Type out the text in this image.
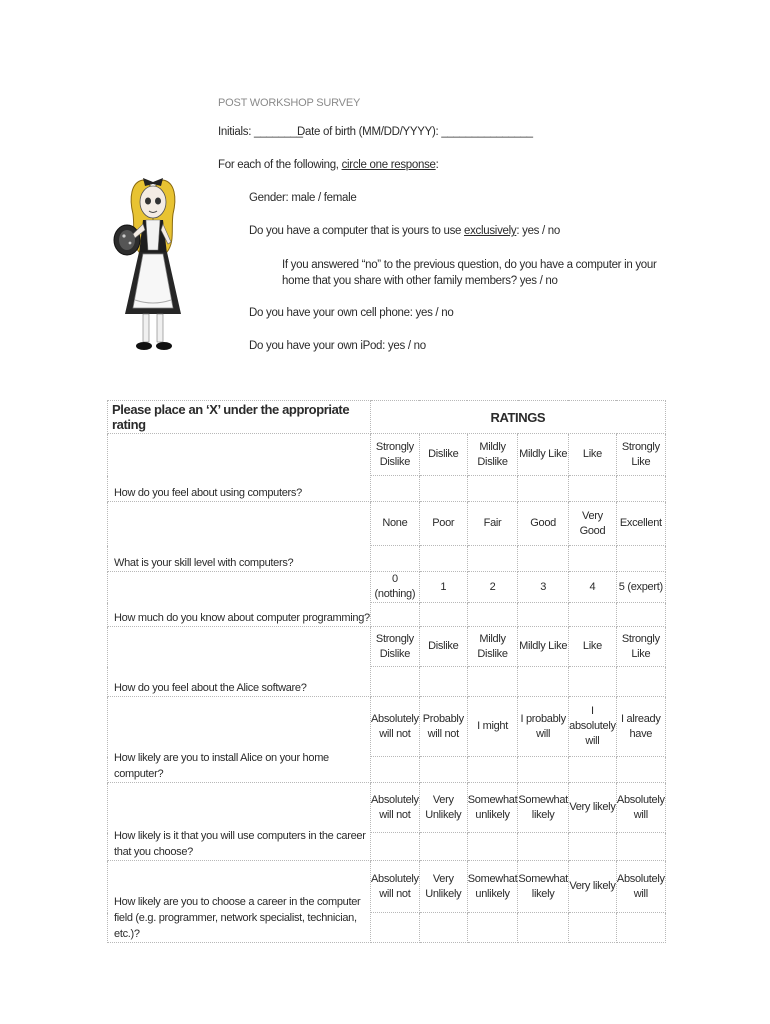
POST WORKSHOP SURVEY
Initials: ________
Date of birth (MM/DD/YYYY): _______________
For each of the following, circle one response:
Gender: male / female
Do you have a computer that is yours to use exclusively: yes / no
If you answered “no” to the previous question, do you have a computer in your home that you share with other family members? yes / no
Do you have your own cell phone: yes / no
Do you have your own iPod: yes / no
Please place an ‘X’ under the appropriate rating	RATINGS					
How do you feel about using computers?	Strongly Dislike	Dislike	Mildly Dislike	Mildly Like	Like	Strongly Like

What is your skill level with computers?	None	Poor	Fair	Good	Very Good	Excellent

How much do you know about computer programming?	0 (nothing)	1	2	3	4	5 (expert)

How do you feel about the Alice software?	Strongly Dislike	Dislike	Mildly Dislike	Mildly Like	Like	Strongly Like

How likely are you to install Alice on your home computer?	Absolutely will not	Probably will not	I might	I probably will	I absolutely will	I already have

How likely is it that you will use computers in the career that you choose?	Absolutely will not	Very Unlikely	Somewhat unlikely	Somewhat likely	Very likely	Absolutely will

How likely are you to choose a career in the computer field (e.g. programmer, network specialist, technician, etc.)?	Absolutely will not	Very Unlikely	Somewhat unlikely	Somewhat likely	Very likely	Absolutely will
